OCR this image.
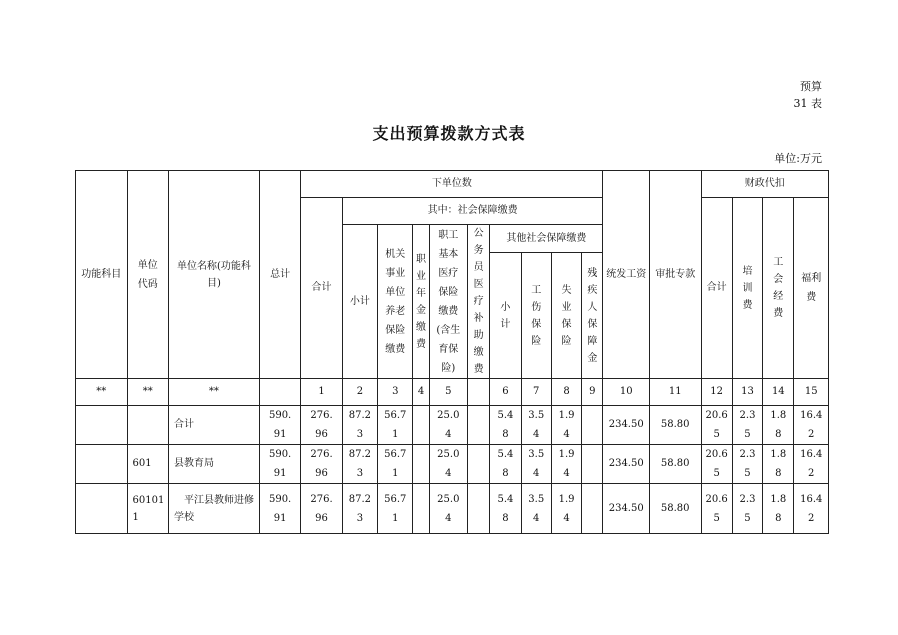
预算
31 表
支出预算拨款方式表
单位:万元
功能科目	单位代码	单位名称(功能科目)	总计	下单位数										统发工资	审批专款	财政代扣			
				合计	其中：社会保障缴费											合计	培训费	工会经费	福利费
					小计	机关事业单位养老保险缴费	职业年金缴费	职工基本医疗保险缴费(含生育保险)	公务员医疗补助缴费	其他社会保障缴费									
										小计	工伤保险	失业保险	残疾人保障金						

**	**	**		1	2	3	4	5		6	7	8	9	10	11	12	13	14	15
		合计	590.91	276.96	87.23	56.71		25.04		5.48	3.54	1.94		234.50	58.80	20.65	2.35	1.88	16.42
	601	县教育局	590.91	276.96	87.23	56.71		25.04		5.48	3.54	1.94		234.50	58.80	20.65	2.35	1.88	16.42
	601011	　平江县教师进修学校	590.91	276.96	87.23	56.71		25.04		5.48	3.54	1.94		234.50	58.80	20.65	2.35	1.88	16.42
